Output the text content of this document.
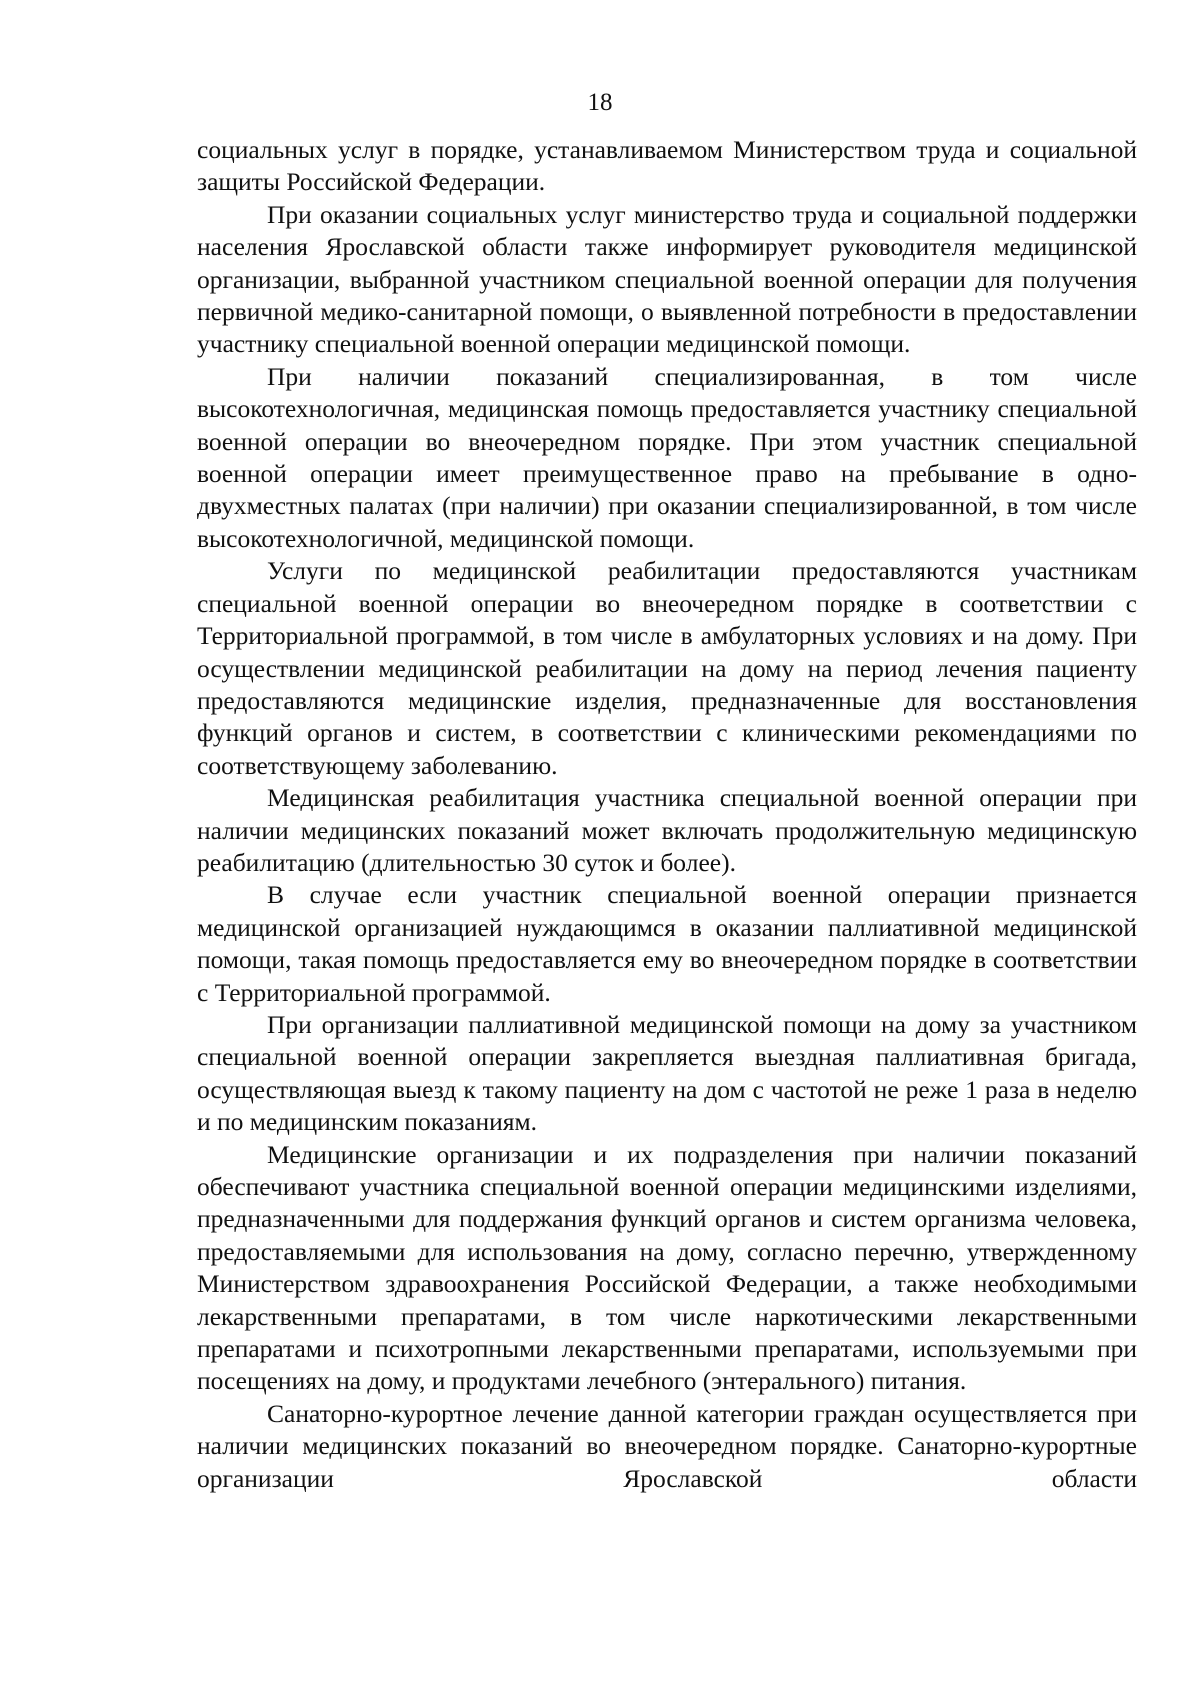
18

социальных услуг в порядке, устанавливаемом Министерством труда и социальной защиты Российской Федерации.

При оказании социальных услуг министерство труда и социальной поддержки населения Ярославской области также информирует руководителя медицинской организации, выбранной участником специальной военной операции для получения первичной медико-санитарной помощи, о выявленной потребности в предоставлении участнику специальной военной операции медицинской помощи.

При наличии показаний специализированная, в том числе высокотехнологичная, медицинская помощь предоставляется участнику специальной военной операции во внеочередном порядке. При этом участник специальной военной операции имеет преимущественное право на пребывание в одно-двухместных палатах (при наличии) при оказании специализированной, в том числе высокотехнологичной, медицинской помощи.

Услуги по медицинской реабилитации предоставляются участникам специальной военной операции во внеочередном порядке в соответствии с Территориальной программой, в том числе в амбулаторных условиях и на дому. При осуществлении медицинской реабилитации на дому на период лечения пациенту предоставляются медицинские изделия, предназначенные для восстановления функций органов и систем, в соответствии с клиническими рекомендациями по соответствующему заболеванию.

Медицинская реабилитация участника специальной военной операции при наличии медицинских показаний может включать продолжительную медицинскую реабилитацию (длительностью 30 суток и более).

В случае если участник специальной военной операции признается медицинской организацией нуждающимся в оказании паллиативной медицинской помощи, такая помощь предоставляется ему во внеочередном порядке в соответствии с Территориальной программой.

При организации паллиативной медицинской помощи на дому за участником специальной военной операции закрепляется выездная паллиативная бригада, осуществляющая выезд к такому пациенту на дом с частотой не реже 1 раза в неделю и по медицинским показаниям.

Медицинские организации и их подразделения при наличии показаний обеспечивают участника специальной военной операции медицинскими изделиями, предназначенными для поддержания функций органов и систем организма человека, предоставляемыми для использования на дому, согласно перечню, утвержденному Министерством здравоохранения Российской Федерации, а также необходимыми лекарственными препаратами, в том числе наркотическими лекарственными препаратами и психотропными лекарственными препаратами, используемыми при посещениях на дому, и продуктами лечебного (энтерального) питания.

Санаторно-курортное лечение данной категории граждан осуществляется при наличии медицинских показаний во внеочередном порядке. Санаторно-курортные организации Ярославской области
